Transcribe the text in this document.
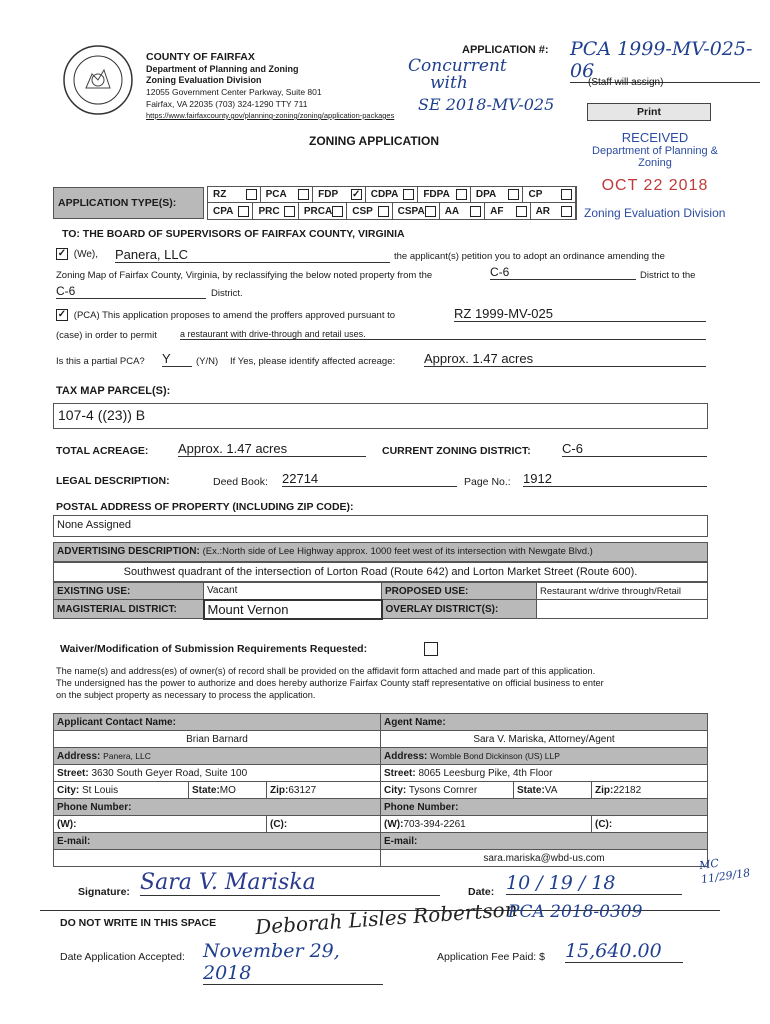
COUNTY OF FAIRFAX
Department of Planning and Zoning
Zoning Evaluation Division
12055 Government Center Parkway, Suite 801
Fairfax, VA 22035 (703) 324-1290 TTY 711
https://www.fairfaxcounty.gov/planning-zoning/zoning/application-packages
Concurrent
with
SE 2018-MV-025
APPLICATION #: PCA 1999-MV-025-06
(Staff will assign)
Print
ZONING APPLICATION	RECEIVED
Department of Planning & Zoning
OCT 22 2018
Zoning Evaluation Division
APPLICATION TYPE(S):
RZ	PCA	FDP ✓ CDPA FDPA	DPA	CP
CPA	PRC PRCA CSP CSPA AA	AF	AR
TO: THE BOARD OF SUPERVISORS OF FAIRFAX COUNTY, VIRGINIA
✓ (We), Panera, LLC	the applicant(s) petition you to adopt an ordinance amending the
Zoning Map of Fairfax County, Virginia, by reclassifying the below noted property from the	C-6	District to the
C-6	District.
✓ (PCA) This application proposes to amend the proffers approved pursuant to	RZ 1999-MV-025
(case) in order to permit	a restaurant with drive-through and retail uses.
Is this a partial PCA? Y	(Y/N) If Yes, please identify affected acreage: Approx. 1.47 acres
TAX MAP PARCEL(S):
107-4 ((23)) B
TOTAL ACREAGE: Approx. 1.47 acres	CURRENT ZONING DISTRICT: C-6
LEGAL DESCRIPTION:	Deed Book: 22714	Page No.: 1912
POSTAL ADDRESS OF PROPERTY (INCLUDING ZIP CODE):
None Assigned
ADVERTISING DESCRIPTION: (Ex.:North side of Lee Highway approx. 1000 feet west of its intersection with Newgate Blvd.)
Southwest quadrant of the intersection of Lorton Road (Route 642) and Lorton Market Street (Route 600).
EXISTING USE:	Vacant	PROPOSED USE:	Restaurant w/drive through/Retail
MAGISTERIAL DISTRICT:	Mount Vernon	OVERLAY DISTRICT(S):	
Waiver/Modification of Submission Requirements Requested:
The name(s) and address(es) of owner(s) of record shall be provided on the affidavit form attached and made part of this application.
The undersigned has the power to authorize and does hereby authorize Fairfax County staff representative on official business to enter
on the subject property as necessary to process the application.
Applicant Contact Name:			Agent Name:		
Brian Barnard			Sara V. Mariska, Attorney/Agent		
Address: Panera, LLC			Address: Womble Bond Dickinson (US) LLP		
Street: 3630 South Geyer Road, Suite 100			Street: 8065 Leesburg Pike, 4th Floor		
City: St Louis	State:MO	Zip:63127	City: Tysons Cornrer	State:VA	Zip:22182
Phone Number:			Phone Number:		
(W):		(C):	(W):703-394-2261		(C):
E-mail:			E-mail:		
			sara.mariska@wbd-us.com			MC 11/29/18
Signature: Sara V. Mariska	Date: 10 / 19 / 18
DO NOT WRITE IN THIS SPACE Deborah Lisles Robertson
PCA 2018-0309
Date Application Accepted: November 29, 2018
Application Fee Paid: $ 15,640.00
